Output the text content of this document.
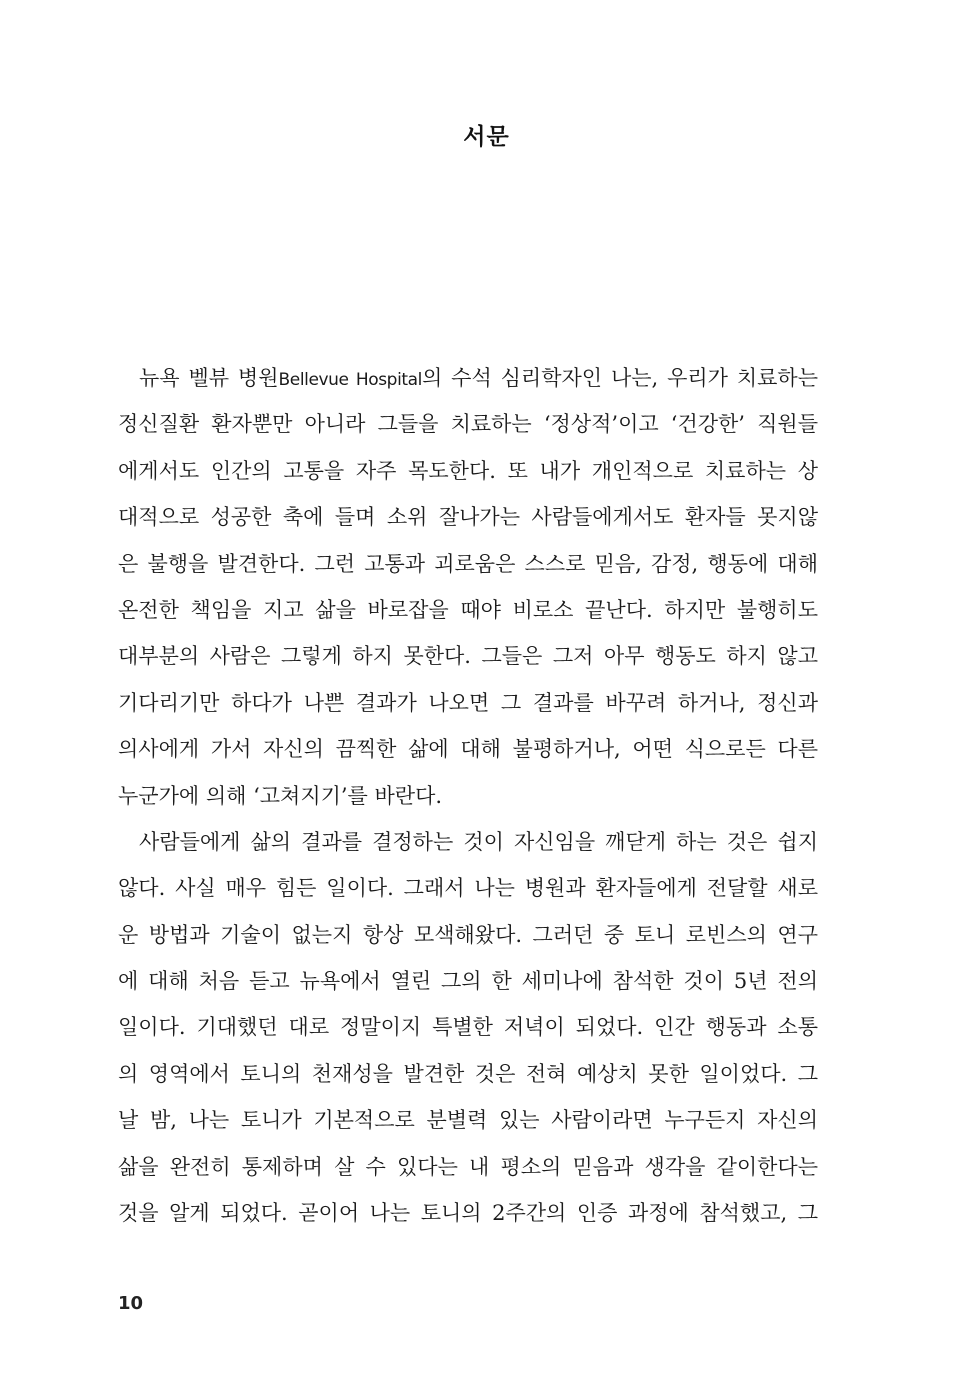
서문
뉴욕 벨뷰 병원Bellevue Hospital의 수석 심리학자인 나는, 우리가 치료하는
정신질환 환자뿐만 아니라 그들을 치료하는 ‘정상적’이고 ‘건강한’ 직원들
에게서도 인간의 고통을 자주 목도한다. 또 내가 개인적으로 치료하는 상
대적으로 성공한 축에 들며 소위 잘나가는 사람들에게서도 환자들 못지않
은 불행을 발견한다. 그런 고통과 괴로움은 스스로 믿음, 감정, 행동에 대해
온전한 책임을 지고 삶을 바로잡을 때야 비로소 끝난다. 하지만 불행히도
대부분의 사람은 그렇게 하지 못한다. 그들은 그저 아무 행동도 하지 않고
기다리기만 하다가 나쁜 결과가 나오면 그 결과를 바꾸려 하거나, 정신과
의사에게 가서 자신의 끔찍한 삶에 대해 불평하거나, 어떤 식으로든 다른
누군가에 의해 ‘고쳐지기’를 바란다.
사람들에게 삶의 결과를 결정하는 것이 자신임을 깨닫게 하는 것은 쉽지
않다. 사실 매우 힘든 일이다. 그래서 나는 병원과 환자들에게 전달할 새로
운 방법과 기술이 없는지 항상 모색해왔다. 그러던 중 토니 로빈스의 연구
에 대해 처음 듣고 뉴욕에서 열린 그의 한 세미나에 참석한 것이 5년 전의
일이다. 기대했던 대로 정말이지 특별한 저녁이 되었다. 인간 행동과 소통
의 영역에서 토니의 천재성을 발견한 것은 전혀 예상치 못한 일이었다. 그
날 밤, 나는 토니가 기본적으로 분별력 있는 사람이라면 누구든지 자신의
삶을 완전히 통제하며 살 수 있다는 내 평소의 믿음과 생각을 같이한다는
것을 알게 되었다. 곧이어 나는 토니의 2주간의 인증 과정에 참석했고, 그
10
